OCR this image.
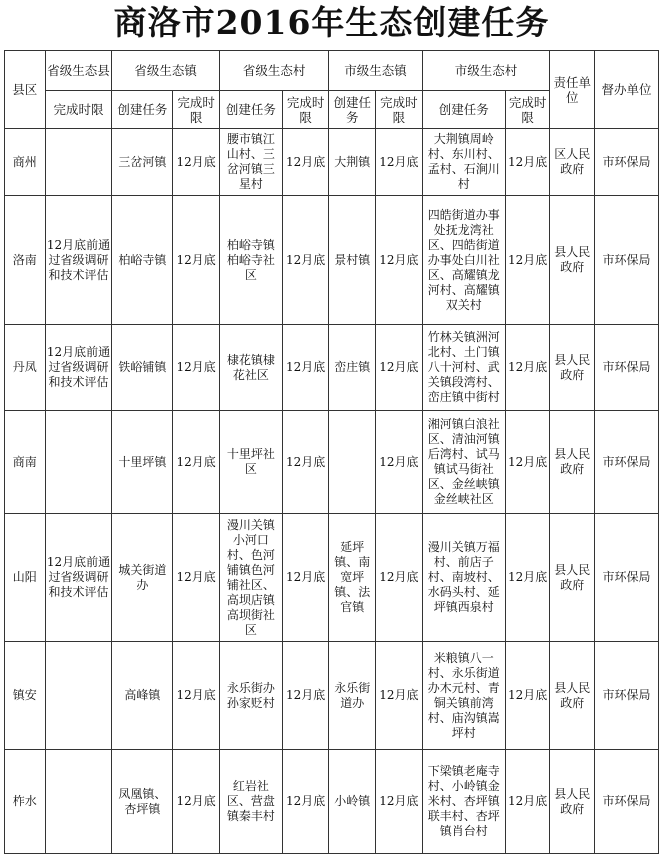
商洛市2016年生态创建任务
县区	省级生态县	省级生态镇		省级生态村		市级生态镇		市级生态村		责任单位	督办单位
	完成时限	创建任务	完成时限	创建任务	完成时限	创建任务	完成时限	创建任务	完成时限		
商州		三岔河镇	12月底	腰市镇江山村、三岔河镇三星村	12月底	大荆镇	12月底	大荆镇周岭村、东川村、孟村、石涧川村	12月底	区人民政府	市环保局
洛南	12月底前通过省级调研和技术评估	柏峪寺镇	12月底	柏峪寺镇柏峪寺社区	12月底	景村镇	12月底	四皓街道办事处抚龙湾社区、四皓街道办事处白川社区、高耀镇龙河村、高耀镇双关村	12月底	县人民政府	市环保局
丹凤	12月底前通过省级调研和技术评估	铁峪铺镇	12月底	棣花镇棣花社区	12月底	峦庄镇	12月底	竹林关镇洲河北村、土门镇八十河村、武关镇段湾村、峦庄镇中街村	12月底	县人民政府	市环保局
商南		十里坪镇	12月底	十里坪社区	12月底		12月底	湘河镇白浪社区、清油河镇后湾村、试马镇试马街社区、金丝峡镇金丝峡社区	12月底	县人民政府	市环保局
山阳	12月底前通过省级调研和技术评估	城关街道办	12月底	漫川关镇小河口村、色河铺镇色河铺社区、高坝店镇高坝街社区	12月底	延坪镇、南宽坪镇、法官镇	12月底	漫川关镇万福村、前店子村、南坡村、水码头村、延坪镇西泉村	12月底	县人民政府	市环保局
镇安		高峰镇	12月底	永乐街办孙家贬村	12月底	永乐街道办	12月底	米粮镇八一村、永乐街道办木元村、青铜关镇前湾村、庙沟镇嵩坪村	12月底	县人民政府	市环保局
柞水		凤凰镇、杏坪镇	12月底	红岩社区、营盘镇秦丰村	12月底	小岭镇	12月底	下梁镇老庵寺村、小岭镇金米村、杏坪镇联丰村、杏坪镇肖台村	12月底	县人民政府	市环保局
